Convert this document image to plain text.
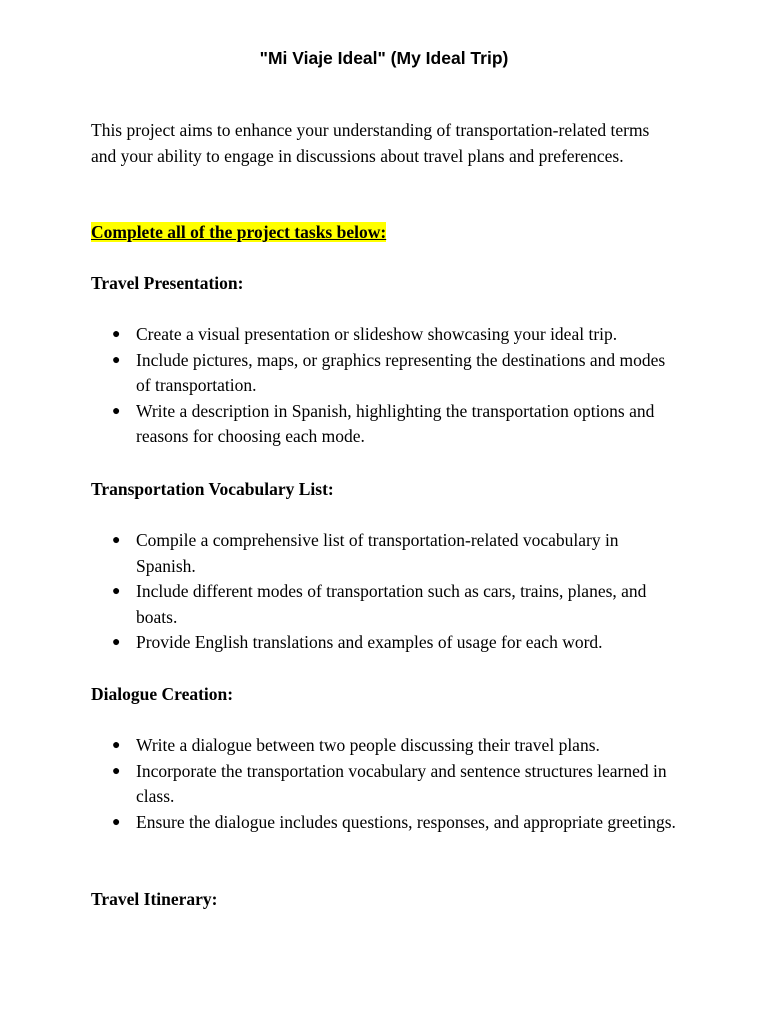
"Mi Viaje Ideal" (My Ideal Trip)

This project aims to enhance your understanding of transportation-related terms and your ability to engage in discussions about travel plans and preferences.

Complete all of the project tasks below:

Travel Presentation:

● Create a visual presentation or slideshow showcasing your ideal trip.
● Include pictures, maps, or graphics representing the destinations and modes of transportation.
● Write a description in Spanish, highlighting the transportation options and reasons for choosing each mode.

Transportation Vocabulary List:

● Compile a comprehensive list of transportation-related vocabulary in Spanish.
● Include different modes of transportation such as cars, trains, planes, and boats.
● Provide English translations and examples of usage for each word.

Dialogue Creation:

● Write a dialogue between two people discussing their travel plans.
● Incorporate the transportation vocabulary and sentence structures learned in class.
● Ensure the dialogue includes questions, responses, and appropriate greetings.

Travel Itinerary:
